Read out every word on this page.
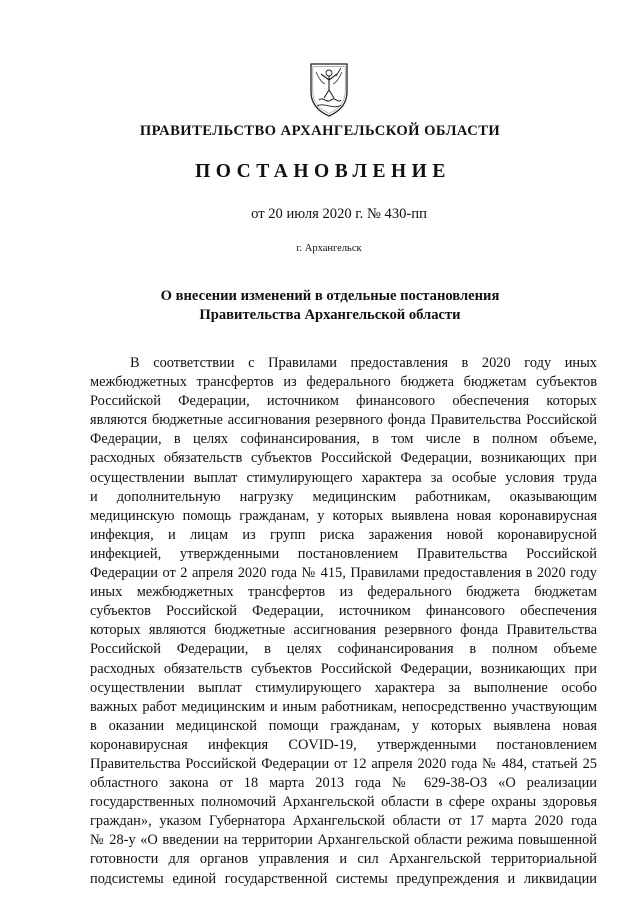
ПРАВИТЕЛЬСТВО АРХАНГЕЛЬСКОЙ ОБЛАСТИ
ПОСТАНОВЛЕНИЕ
от 20 июля 2020 г. № 430-пп
г. Архангельск
О внесении изменений в отдельные постановления
Правительства Архангельской области
В соответствии с Правилами предоставления в 2020 году иных
межбюджетных трансфертов из федерального бюджета бюджетам субъектов
Российской Федерации, источником финансового обеспечения которых
являются бюджетные ассигнования резервного фонда Правительства Российской
Федерации, в целях софинансирования, в том числе в полном объеме,
расходных обязательств субъектов Российской Федерации, возникающих при
осуществлении выплат стимулирующего характера за особые условия труда
и дополнительную нагрузку медицинским работникам, оказывающим
медицинскую помощь гражданам, у которых выявлена новая коронавирусная
инфекция, и лицам из групп риска заражения новой коронавирусной
инфекцией, утвержденными постановлением Правительства Российской
Федерации от 2 апреля 2020 года № 415, Правилами предоставления в 2020 году
иных межбюджетных трансфертов из федерального бюджета бюджетам
субъектов Российской Федерации, источником финансового обеспечения
которых являются бюджетные ассигнования резервного фонда Правительства
Российской Федерации, в целях софинансирования в полном объеме
расходных обязательств субъектов Российской Федерации, возникающих при
осуществлении выплат стимулирующего характера за выполнение особо
важных работ медицинским и иным работникам, непосредственно участвующим
в оказании медицинской помощи гражданам, у которых выявлена новая
коронавирусная инфекция COVID-19, утвержденными постановлением
Правительства Российской Федерации от 12 апреля 2020 года № 484, статьей 25
областного закона от 18 марта 2013 года № 629-38-ОЗ «О реализации
государственных полномочий Архангельской области в сфере охраны здоровья
граждан», указом Губернатора Архангельской области от 17 марта 2020 года
№ 28-у «О введении на территории Архангельской области режима повышенной
готовности для органов управления и сил Архангельской территориальной
подсистемы единой государственной системы предупреждения и ликвидации
